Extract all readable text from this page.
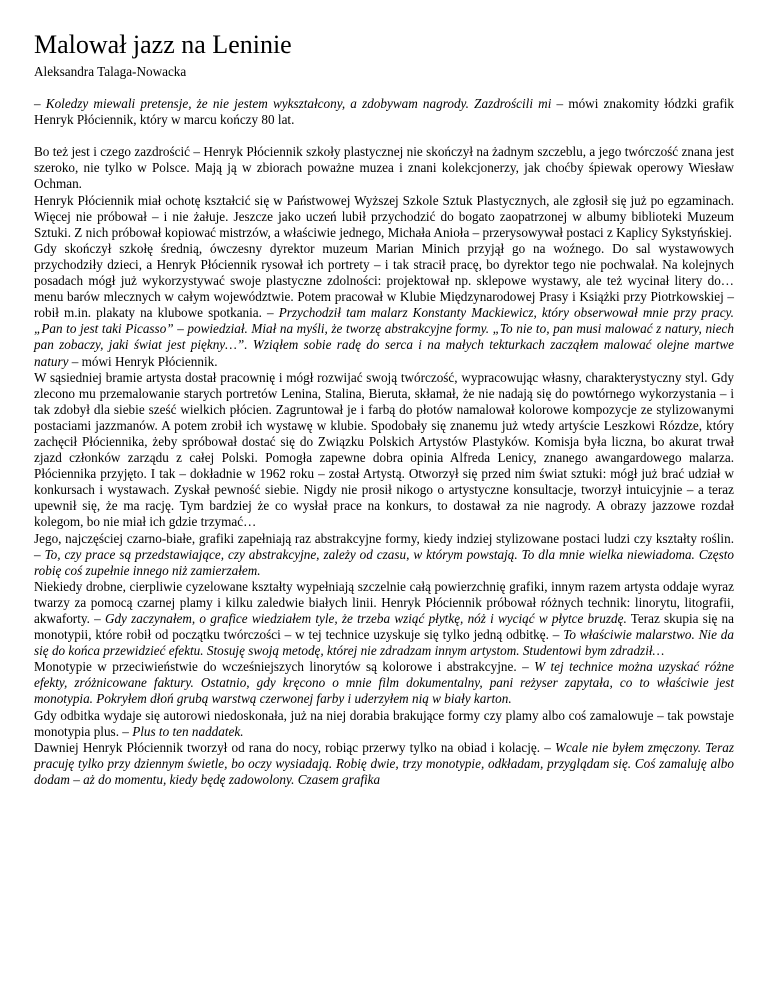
Malował jazz na Leninie

Aleksandra Talaga-Nowacka

– Koledzy miewali pretensje, że nie jestem wykształcony, a zdobywam nagrody. Zazdrościli mi – mówi znakomity łódzki grafik Henryk Płóciennik, który w marcu kończy 80 lat.

Bo też jest i czego zazdrościć – Henryk Płóciennik szkoły plastycznej nie skończył na żadnym szczeblu, a jego twórczość znana jest szeroko, nie tylko w Polsce. Mają ją w zbiorach poważne muzea i znani kolekcjonerzy, jak choćby śpiewak operowy Wiesław Ochman.

Henryk Płóciennik miał ochotę kształcić się w Państwowej Wyższej Szkole Sztuk Plastycznych, ale zgłosił się już po egzaminach. Więcej nie próbował – i nie żałuje. Jeszcze jako uczeń lubił przychodzić do bogato zaopatrzonej w albumy biblioteki Muzeum Sztuki. Z nich próbował kopiować mistrzów, a właściwie jednego, Michała Anioła – przerysowywał postaci z Kaplicy Sykstyńskiej.

Gdy skończył szkołę średnią, ówczesny dyrektor muzeum Marian Minich przyjął go na woźnego. Do sal wystawowych przychodziły dzieci, a Henryk Płóciennik rysował ich portrety – i tak stracił pracę, bo dyrektor tego nie pochwalał. Na kolejnych posadach mógł już wykorzystywać swoje plastyczne zdolności: projektował np. sklepowe wystawy, ale też wycinał litery do… menu barów mlecznych w całym województwie. Potem pracował w Klubie Międzynarodowej Prasy i Książki przy Piotrkowskiej – robił m.in. plakaty na klubowe spotkania. – Przychodził tam malarz Konstanty Mackiewicz, który obserwował mnie przy pracy. „Pan to jest taki Picasso” – powiedział. Miał na myśli, że tworzę abstrakcyjne formy. „To nie to, pan musi malować z natury, niech pan zobaczy, jaki świat jest piękny…”. Wziąłem sobie radę do serca i na małych tekturkach zacząłem malować olejne martwe natury – mówi Henryk Płóciennik.

W sąsiedniej bramie artysta dostał pracownię i mógł rozwijać swoją twórczość, wypracowując własny, charakterystyczny styl. Gdy zlecono mu przemalowanie starych portretów Lenina, Stalina, Bieruta, skłamał, że nie nadają się do powtórnego wykorzystania – i tak zdobył dla siebie sześć wielkich płócien. Zagruntował je i farbą do płotów namalował kolorowe kompozycje ze stylizowanymi postaciami jazzmanów. A potem zrobił ich wystawę w klubie. Spodobały się znanemu już wtedy artyście Leszkowi Rózdze, który zachęcił Płóciennika, żeby spróbował dostać się do Związku Polskich Artystów Plastyków. Komisja była liczna, bo akurat trwał zjazd członków zarządu z całej Polski. Pomogła zapewne dobra opinia Alfreda Lenicy, znanego awangardowego malarza. Płóciennika przyjęto. I tak – dokładnie w 1962 roku – został Artystą. Otworzył się przed nim świat sztuki: mógł już brać udział w konkursach i wystawach. Zyskał pewność siebie. Nigdy nie prosił nikogo o artystyczne konsultacje, tworzył intuicyjnie – a teraz upewnił się, że ma rację. Tym bardziej że co wysłał prace na konkurs, to dostawał za nie nagrody. A obrazy jazzowe rozdał kolegom, bo nie miał ich gdzie trzymać…

Jego, najczęściej czarno-białe, grafiki zapełniają raz abstrakcyjne formy, kiedy indziej stylizowane postaci ludzi czy kształty roślin. – To, czy prace są przedstawiające, czy abstrakcyjne, zależy od czasu, w którym powstają. To dla mnie wielka niewiadoma. Często robię coś zupełnie innego niż zamierzałem.

Niekiedy drobne, cierpliwie cyzelowane kształty wypełniają szczelnie całą powierzchnię grafiki, innym razem artysta oddaje wyraz twarzy za pomocą czarnej plamy i kilku zaledwie białych linii. Henryk Płóciennik próbował różnych technik: linorytu, litografii, akwaforty. – Gdy zaczynałem, o grafice wiedziałem tyle, że trzeba wziąć płytkę, nóż i wyciąć w płytce bruzdę. Teraz skupia się na monotypii, które robił od początku twórczości – w tej technice uzyskuje się tylko jedną odbitkę. – To właściwie malarstwo. Nie da się do końca przewidzieć efektu. Stosuję swoją metodę, której nie zdradzam innym artystom. Studentowi bym zdradził…

Monotypie w przeciwieństwie do wcześniejszych linorytów są kolorowe i abstrakcyjne. – W tej technice można uzyskać różne efekty, zróżnicowane faktury. Ostatnio, gdy kręcono o mnie film dokumentalny, pani reżyser zapytała, co to właściwie jest monotypia. Pokryłem dłoń grubą warstwą czerwonej farby i uderzyłem nią w biały karton.

Gdy odbitka wydaje się autorowi niedoskonała, już na niej dorabia brakujące formy czy plamy albo coś zamalowuje – tak powstaje monotypia plus. – Plus to ten naddatek.

Dawniej Henryk Płóciennik tworzył od rana do nocy, robiąc przerwy tylko na obiad i kolację. – Wcale nie byłem zmęczony. Teraz pracuję tylko przy dziennym świetle, bo oczy wysiadają. Robię dwie, trzy monotypie, odkładam, przyglądam się. Coś zamaluję albo dodam – aż do momentu, kiedy będę zadowolony. Czasem grafika
